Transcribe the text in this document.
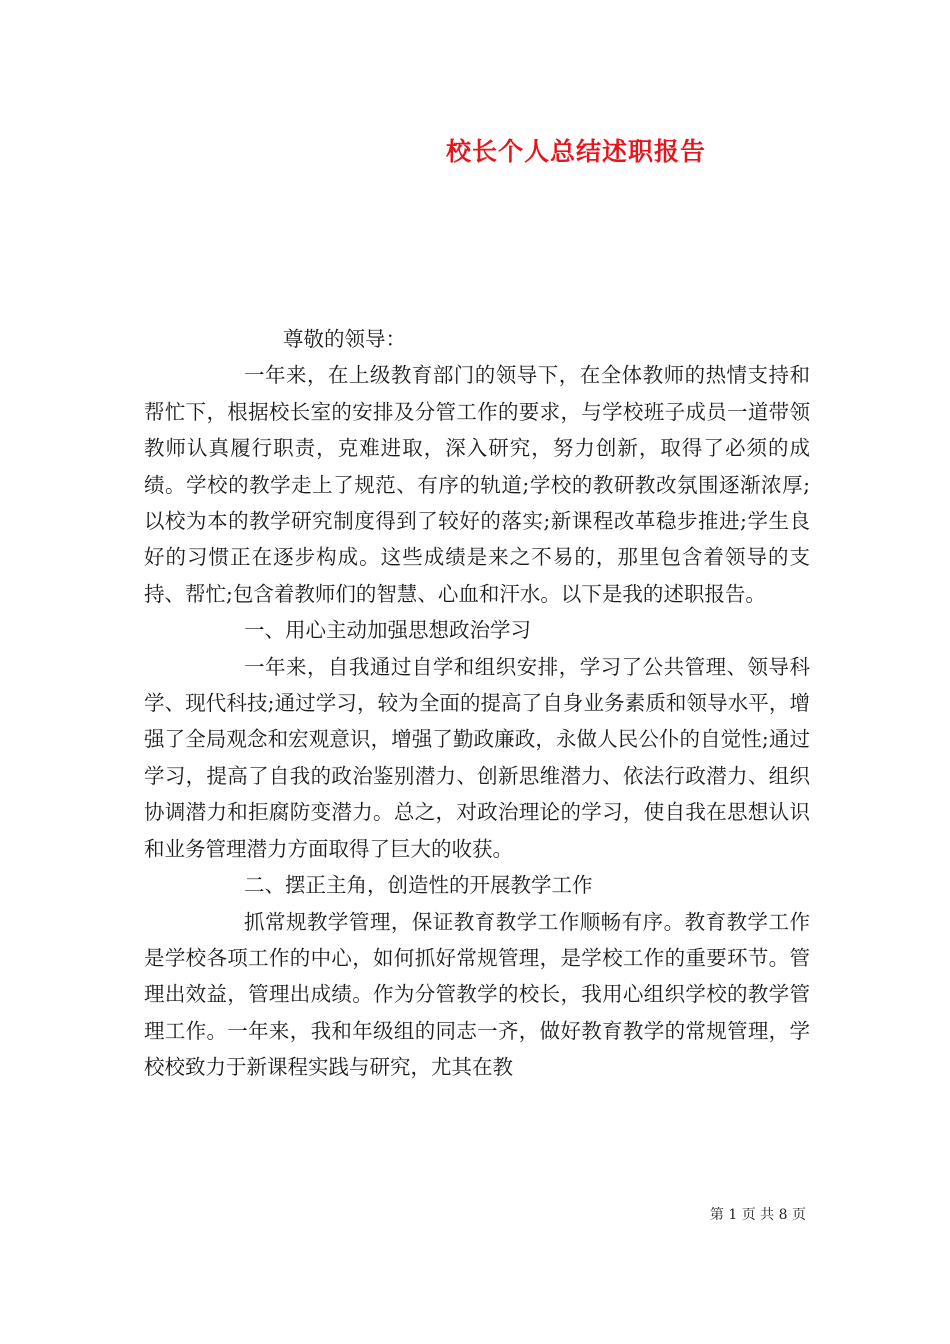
校长个人总结述职报告

尊敬的领导：

一年来，在上级教育部门的领导下，在全体教师的热情支持和帮忙下，根据校长室的安排及分管工作的要求，与学校班子成员一道带领教师认真履行职责，克难进取，深入研究，努力创新，取得了必须的成绩。学校的教学走上了规范、有序的轨道;学校的教研教改氛围逐渐浓厚;以校为本的教学研究制度得到了较好的落实;新课程改革稳步推进;学生良好的习惯正在逐步构成。这些成绩是来之不易的，那里包含着领导的支持、帮忙;包含着教师们的智慧、心血和汗水。以下是我的述职报告。

一、用心主动加强思想政治学习

一年来，自我通过自学和组织安排，学习了公共管理、领导科学、现代科技;通过学习，较为全面的提高了自身业务素质和领导水平，增强了全局观念和宏观意识，增强了勤政廉政，永做人民公仆的自觉性;通过学习，提高了自我的政治鉴别潜力、创新思维潜力、依法行政潜力、组织协调潜力和拒腐防变潜力。总之，对政治理论的学习，使自我在思想认识和业务管理潜力方面取得了巨大的收获。

二、摆正主角，创造性的开展教学工作

抓常规教学管理，保证教育教学工作顺畅有序。教育教学工作是学校各项工作的中心，如何抓好常规管理，是学校工作的重要环节。管理出效益，管理出成绩。作为分管教学的校长，我用心组织学校的教学管理工作。一年来，我和年级组的同志一齐，做好教育教学的常规管理，学校校致力于新课程实践与研究，尤其在教

第 1 页 共 8 页
